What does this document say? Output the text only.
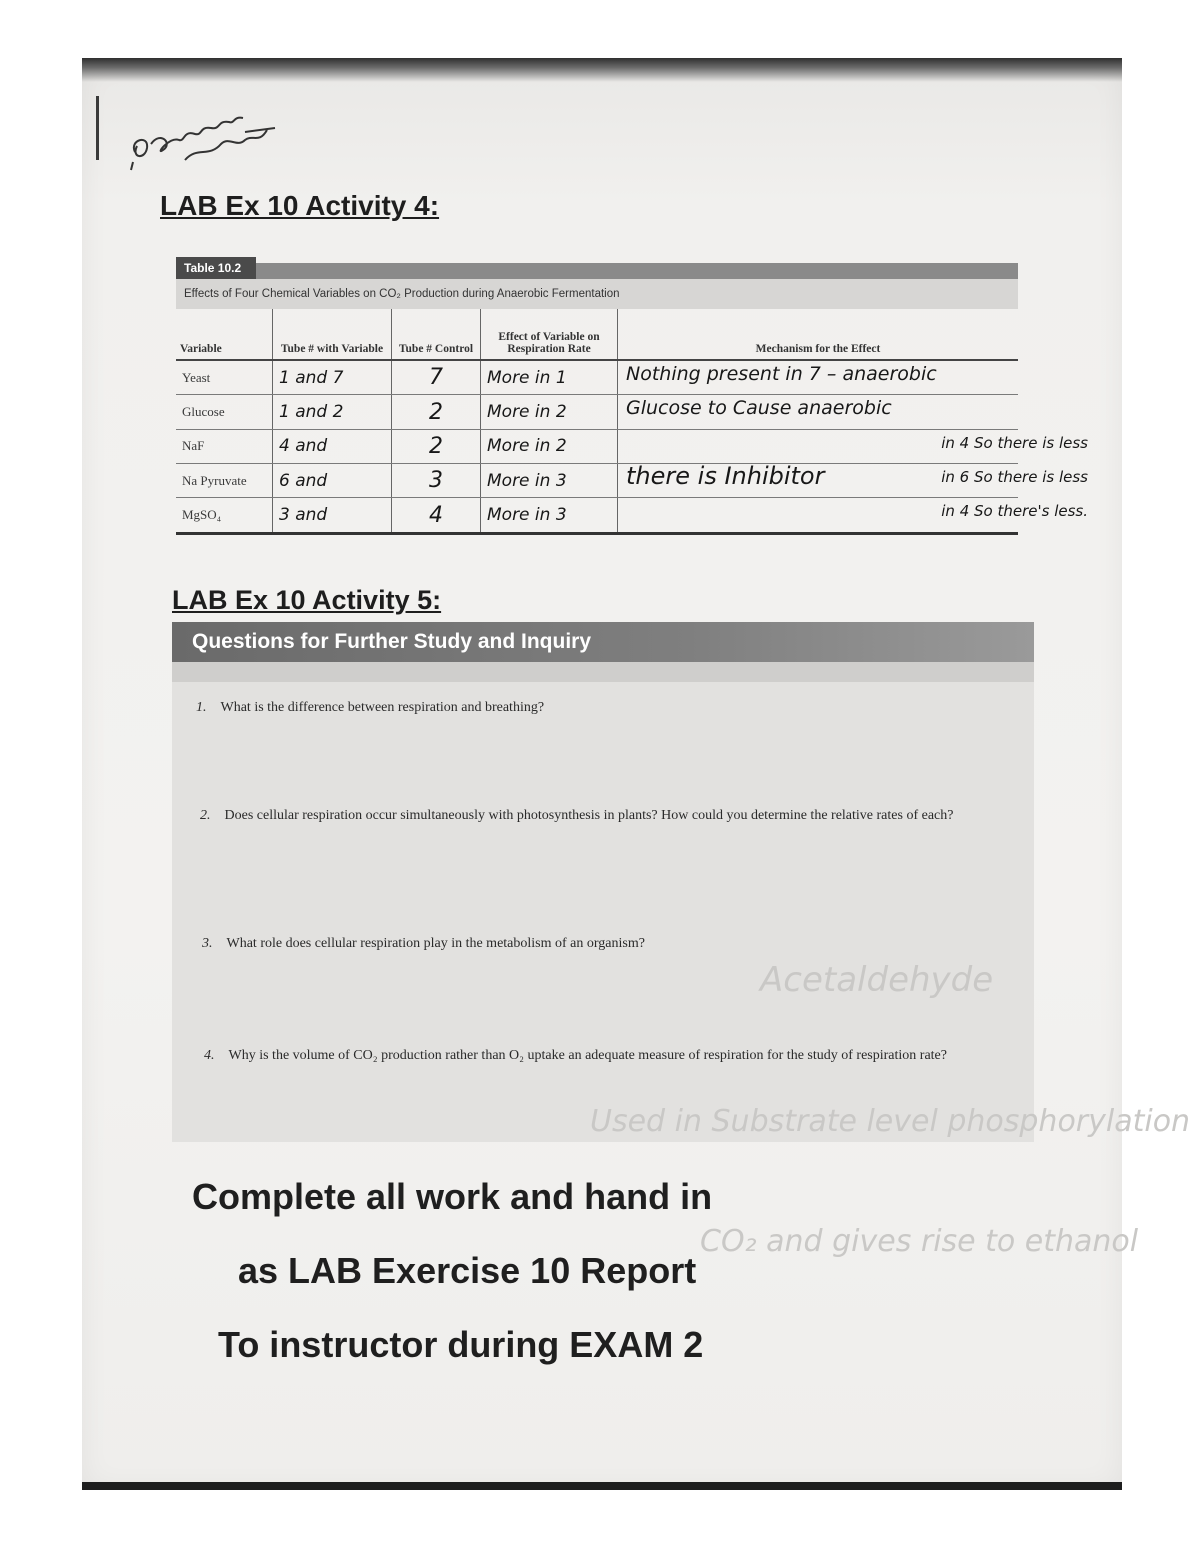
LAB Ex 10 Activity 4:
Table 10.2
Effects of Four Chemical Variables on CO₂ Production during Anaerobic Fermentation
Variable	Tube # with Variable	Tube # Control	Effect of Variable on Respiration Rate	Mechanism for the Effect
Yeast	1 and 7	7	More in 1	Nothing present in 7 – anaerobic

Glucose	1 and 2	2	More in 2	Glucose to Cause anaerobic

NaF	4 and	2	More in 2	in 4 So there is less

Na Pyruvate	6 and	3	More in 3	there is Inhibitor in 6 So there is less

MgSO₄	3 and	4	More in 3	in 4 So there's less.
LAB Ex 10 Activity 5:
Questions for Further Study and Inquiry
1. What is the difference between respiration and breathing?
2. Does cellular respiration occur simultaneously with photosynthesis in plants? How could you determine the relative rates of each?
3. What role does cellular respiration play in the metabolism of an organism?
4. Why is the volume of CO₂ production rather than O₂ uptake an adequate measure of respiration for the study of respiration rate?
Acetaldehyde
Used in Substrate level phosphorylation
CO₂ and gives rise to ethanol
Complete all work and hand in
as LAB Exercise 10 Report
To instructor during EXAM 2
